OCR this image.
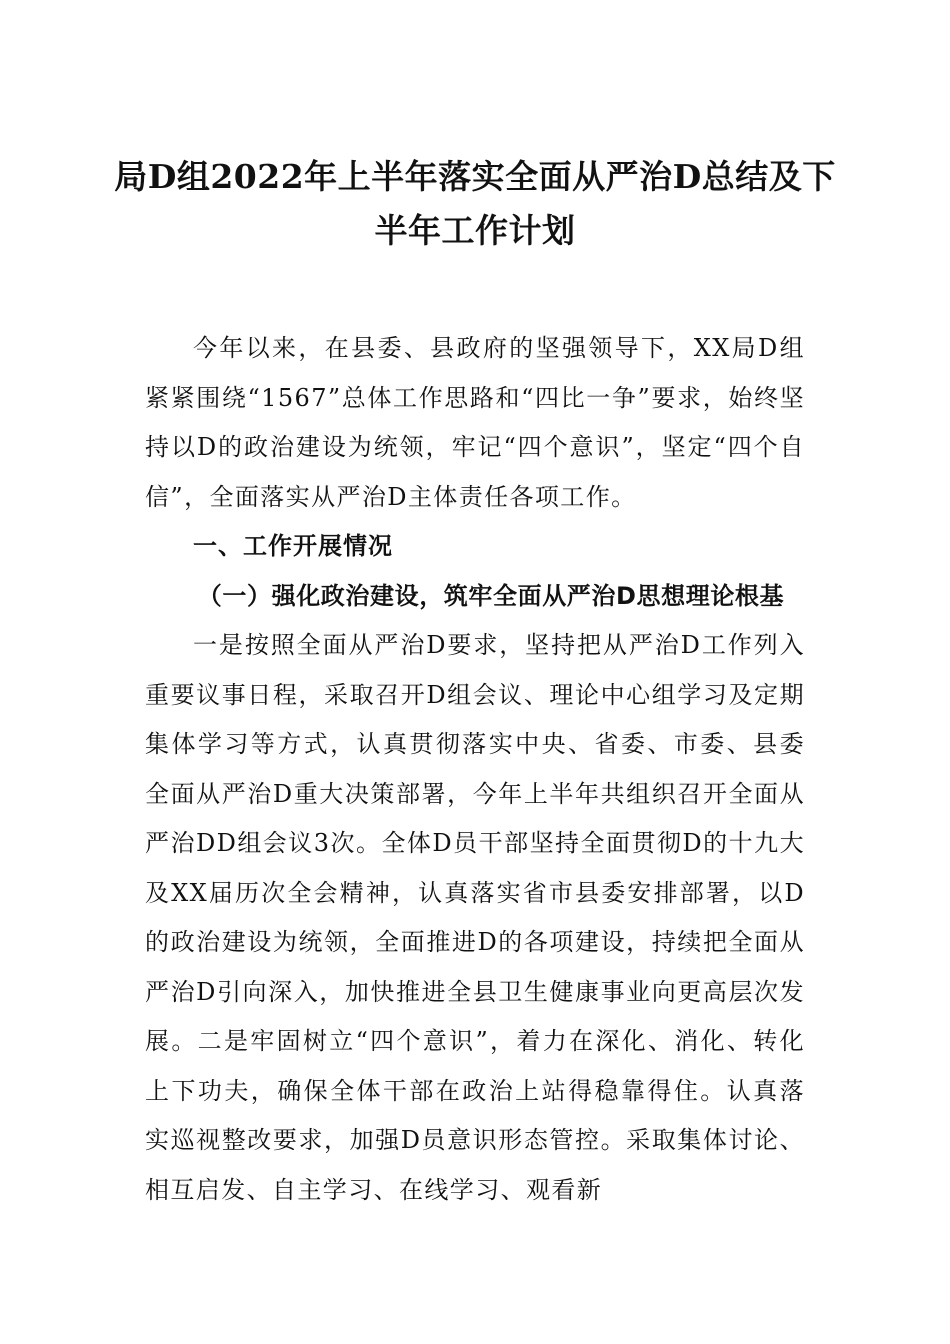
局D组2022年上半年落实全面从严治D总结及下半年工作计划

今年以来，在县委、县政府的坚强领导下，XX局D组紧紧围绕“1567”总体工作思路和“四比一争”要求，始终坚持以D的政治建设为统领，牢记“四个意识”，坚定“四个自信”，全面落实从严治D主体责任各项工作。

一、工作开展情况

（一）强化政治建设，筑牢全面从严治D思想理论根基

一是按照全面从严治D要求，坚持把从严治D工作列入重要议事日程，采取召开D组会议、理论中心组学习及定期集体学习等方式，认真贯彻落实中央、省委、市委、县委全面从严治D重大决策部署，今年上半年共组织召开全面从严治DD组会议3次。全体D员干部坚持全面贯彻D的十九大及XX届历次全会精神，认真落实省市县委安排部署，以D的政治建设为统领，全面推进D的各项建设，持续把全面从严治D引向深入，加快推进全县卫生健康事业向更高层次发展。二是牢固树立“四个意识”，着力在深化、消化、转化上下功夫，确保全体干部在政治上站得稳靠得住。认真落实巡视整改要求，加强D员意识形态管控。采取集体讨论、相互启发、自主学习、在线学习、观看新
